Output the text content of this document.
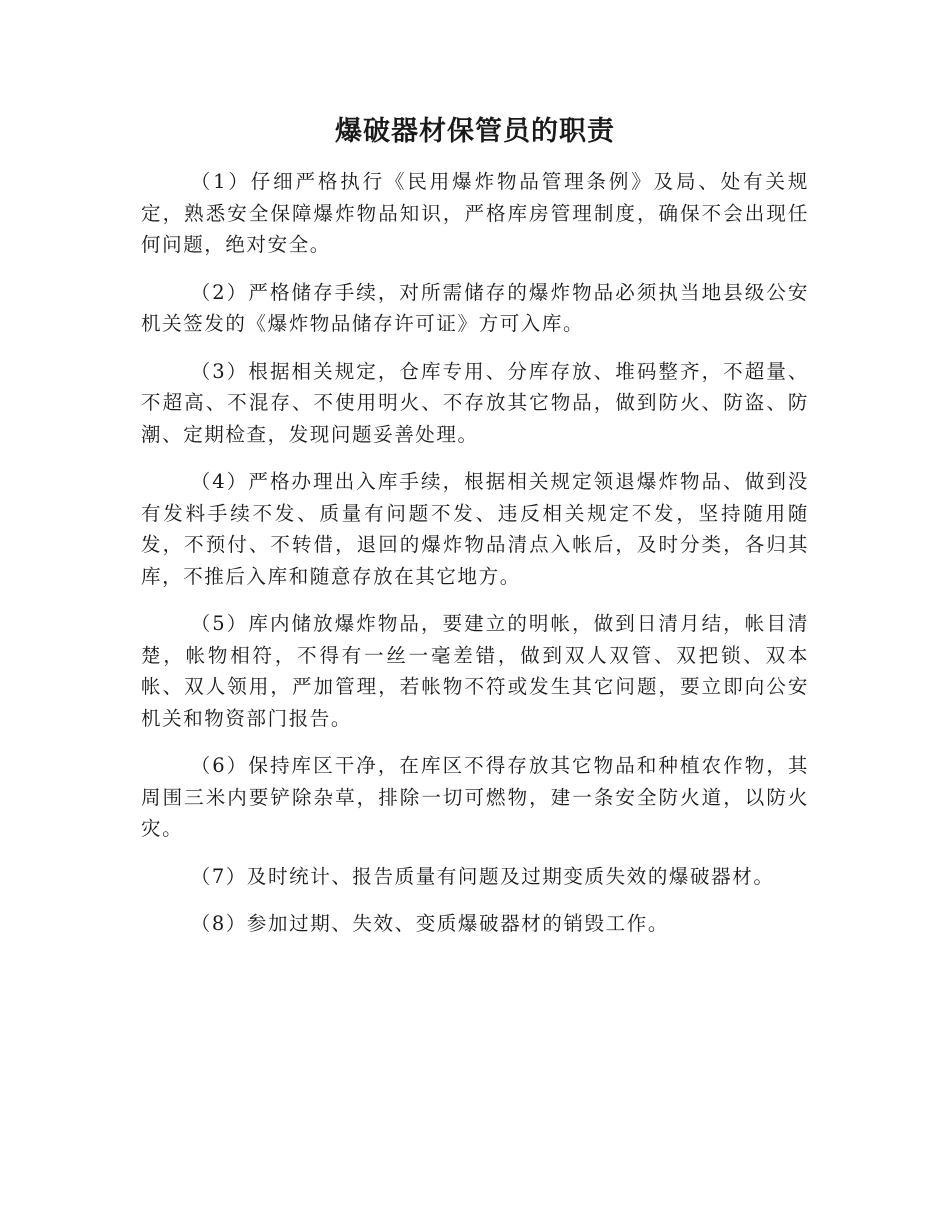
爆破器材保管员的职责

（1）仔细严格执行《民用爆炸物品管理条例》及局、处有关规定，熟悉安全保障爆炸物品知识，严格库房管理制度，确保不会出现任何问题，绝对安全。

（2）严格储存手续，对所需储存的爆炸物品必须执当地县级公安机关签发的《爆炸物品储存许可证》方可入库。

（3）根据相关规定，仓库专用、分库存放、堆码整齐，不超量、不超高、不混存、不使用明火、不存放其它物品，做到防火、防盗、防潮、定期检查，发现问题妥善处理。

（4）严格办理出入库手续，根据相关规定领退爆炸物品、做到没有发料手续不发、质量有问题不发、违反相关规定不发，坚持随用随发，不预付、不转借，退回的爆炸物品清点入帐后，及时分类，各归其库，不推后入库和随意存放在其它地方。

（5）库内储放爆炸物品，要建立的明帐，做到日清月结，帐目清楚，帐物相符，不得有一丝一毫差错，做到双人双管、双把锁、双本帐、双人领用，严加管理，若帐物不符或发生其它问题，要立即向公安机关和物资部门报告。

（6）保持库区干净，在库区不得存放其它物品和种植农作物，其周围三米内要铲除杂草，排除一切可燃物，建一条安全防火道，以防火灾。

（7）及时统计、报告质量有问题及过期变质失效的爆破器材。

（8）参加过期、失效、变质爆破器材的销毁工作。
